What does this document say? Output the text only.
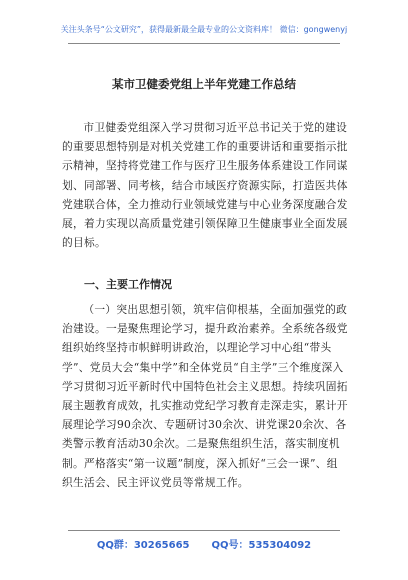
关注头条号“公文研究”，获得最新最全最专业的公文资料库！ 微信：gongwenyj
某市卫健委党组上半年党建工作总结

市卫健委党组深入学习贯彻习近平总书记关于党的建设的重要思想特别是对机关党建工作的重要讲话和重要指示批示精神，坚持将党建工作与医疗卫生服务体系建设工作同谋划、同部署、同考核，结合市域医疗资源实际，打造医共体党建联合体，全力推动行业领域党建与中心业务深度融合发展，着力实现以高质量党建引领保障卫生健康事业全面发展的目标。

一、主要工作情况

（一）突出思想引领，筑牢信仰根基，全面加强党的政治建设。一是聚焦理论学习，提升政治素养。全系统各级党组织始终坚持市帜鲜明讲政治，以理论学习中心组“带头学”、党员大会“集中学”和全体党员“自主学”三个维度深入学习贯彻习近平新时代中国特色社会主义思想。持续巩固拓展主题教育成效，扎实推动党纪学习教育走深走实，累计开展理论学习90余次、专题研讨30余次、讲党课20余次、各类警示教育活动30余次。二是聚焦组织生活，落实制度机制。严格落实“第一议题”制度，深入抓好“三会一课”、组织生活会、民主评议党员等常规工作。

QQ群：30265665 QQ号：535304092
